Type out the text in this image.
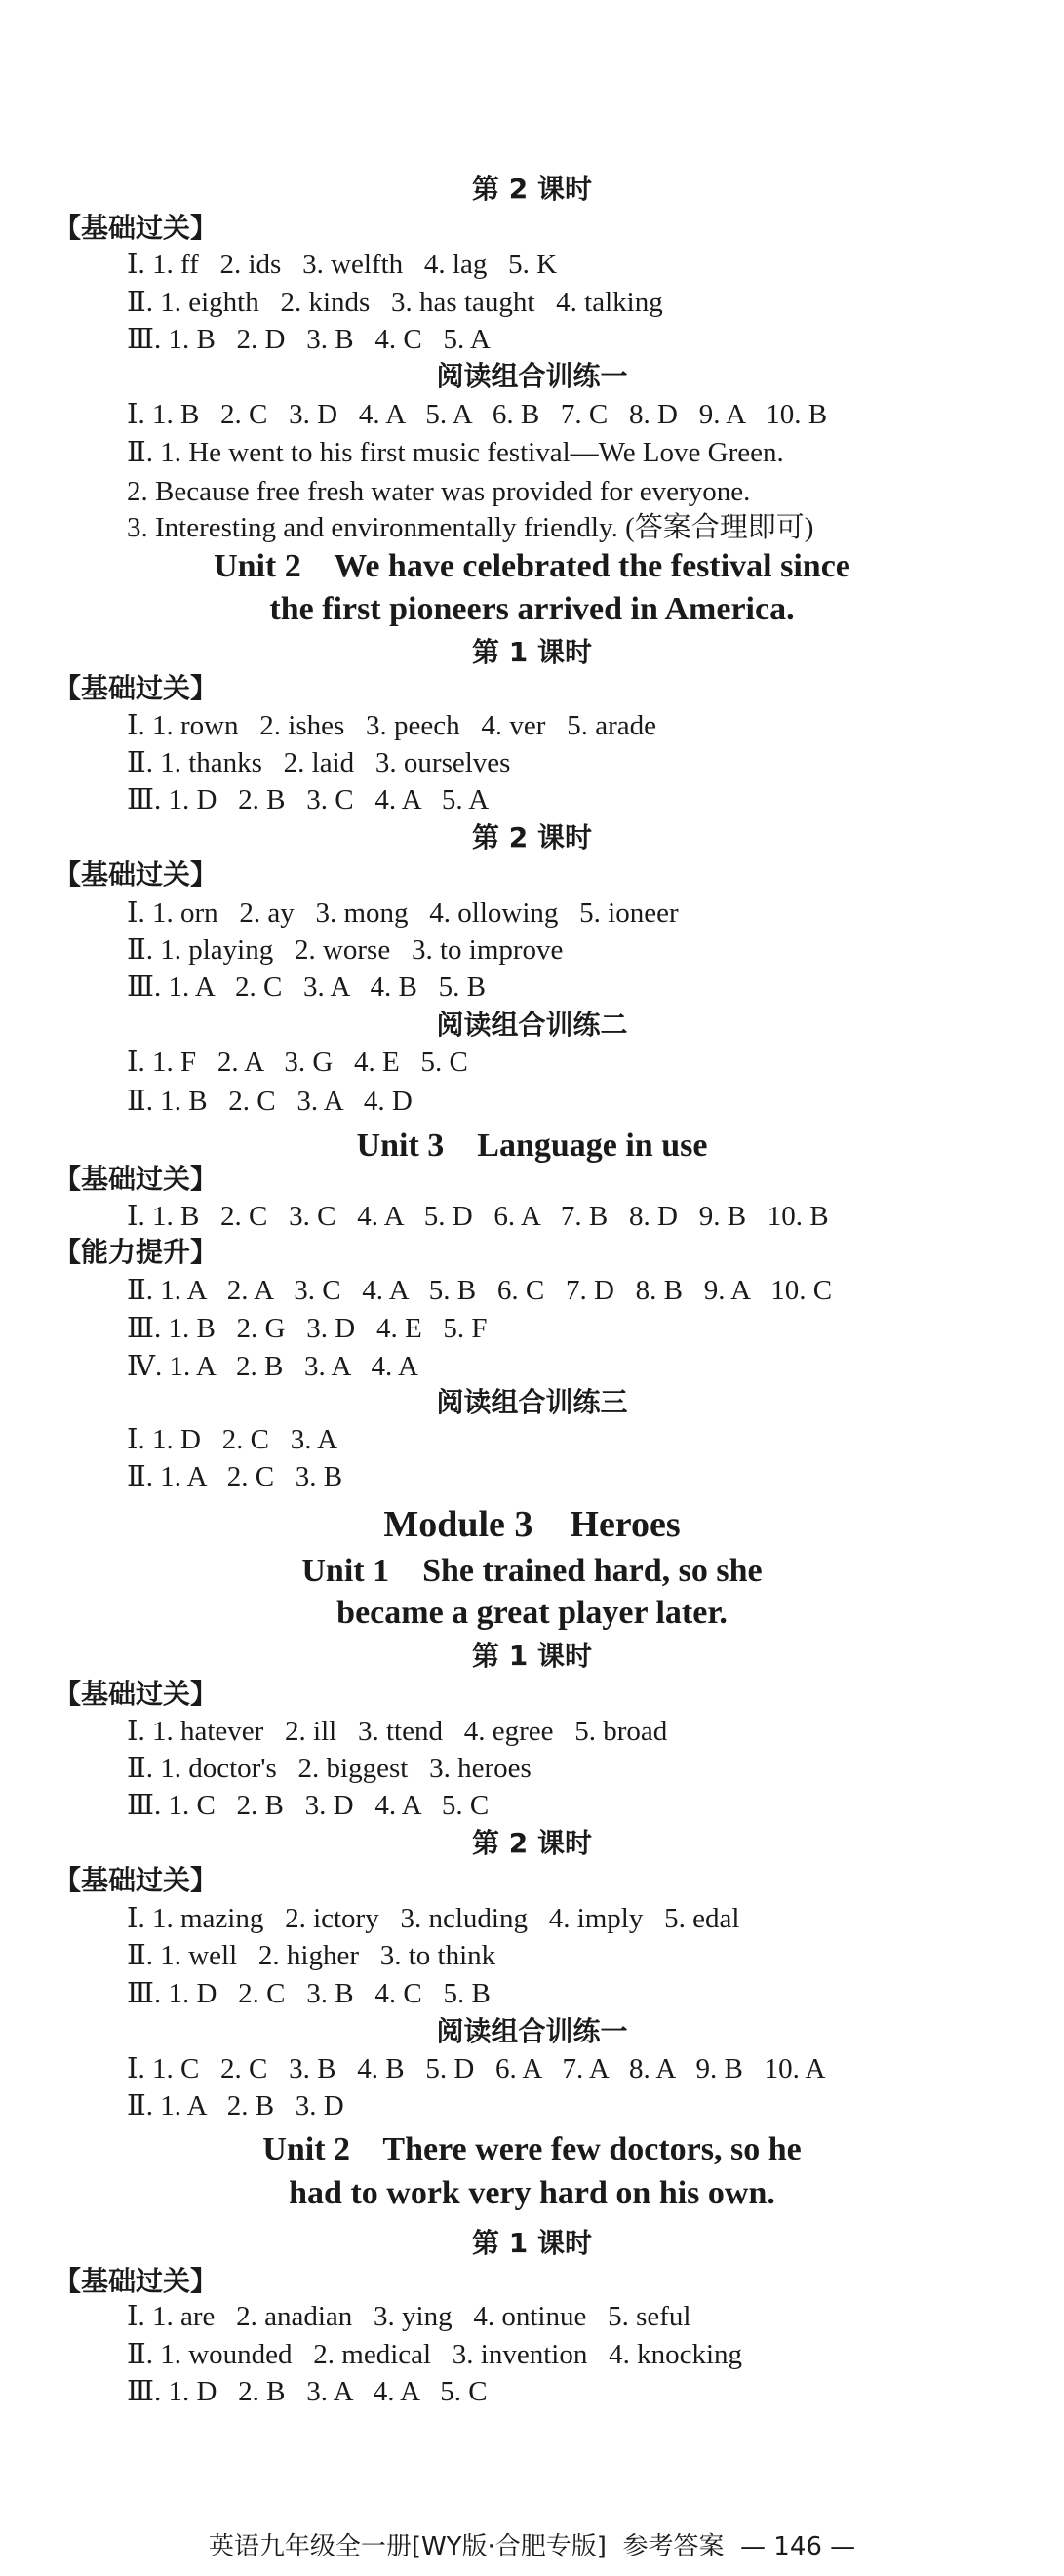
第 2 课时
【基础过关】
Ⅰ. 1. ff   2. ids   3. welfth   4. lag   5. K
Ⅱ. 1. eighth   2. kinds   3. has taught   4. talking
Ⅲ. 1. B   2. D   3. B   4. C   5. A
阅读组合训练一
Ⅰ. 1. B   2. C   3. D   4. A   5. A   6. B   7. C   8. D   9. A   10. B
Ⅱ. 1. He went to his first music festival—We Love Green.
2. Because free fresh water was provided for everyone.
3. Interesting and environmentally friendly. (答案合理即可)
Unit 2    We have celebrated the festival since
the first pioneers arrived in America.
第 1 课时
【基础过关】
Ⅰ. 1. rown   2. ishes   3. peech   4. ver   5. arade
Ⅱ. 1. thanks   2. laid   3. ourselves
Ⅲ. 1. D   2. B   3. C   4. A   5. A
第 2 课时
【基础过关】
Ⅰ. 1. orn   2. ay   3. mong   4. ollowing   5. ioneer
Ⅱ. 1. playing   2. worse   3. to improve
Ⅲ. 1. A   2. C   3. A   4. B   5. B
阅读组合训练二
Ⅰ. 1. F   2. A   3. G   4. E   5. C
Ⅱ. 1. B   2. C   3. A   4. D
Unit 3    Language in use
【基础过关】
Ⅰ. 1. B   2. C   3. C   4. A   5. D   6. A   7. B   8. D   9. B   10. B
【能力提升】
Ⅱ. 1. A   2. A   3. C   4. A   5. B   6. C   7. D   8. B   9. A   10. C
Ⅲ. 1. B   2. G   3. D   4. E   5. F
Ⅳ. 1. A   2. B   3. A   4. A
阅读组合训练三
Ⅰ. 1. D   2. C   3. A
Ⅱ. 1. A   2. C   3. B
Module 3    Heroes
Unit 1    She trained hard, so she
became a great player later.
第 1 课时
【基础过关】
Ⅰ. 1. hatever   2. ill   3. ttend   4. egree   5. broad
Ⅱ. 1. doctor's   2. biggest   3. heroes
Ⅲ. 1. C   2. B   3. D   4. A   5. C
第 2 课时
【基础过关】
Ⅰ. 1. mazing   2. ictory   3. ncluding   4. imply   5. edal
Ⅱ. 1. well   2. higher   3. to think
Ⅲ. 1. D   2. C   3. B   4. C   5. B
阅读组合训练一
Ⅰ. 1. C   2. C   3. B   4. B   5. D   6. A   7. A   8. A   9. B   10. A
Ⅱ. 1. A   2. B   3. D
Unit 2    There were few doctors, so he
had to work very hard on his own.
第 1 课时
【基础过关】
Ⅰ. 1. are   2. anadian   3. ying   4. ontinue   5. seful
Ⅱ. 1. wounded   2. medical   3. invention   4. knocking
Ⅲ. 1. D   2. B   3. A   4. A   5. C
英语九年级全一册[WY版·合肥专版]  参考答案  — 146 —
